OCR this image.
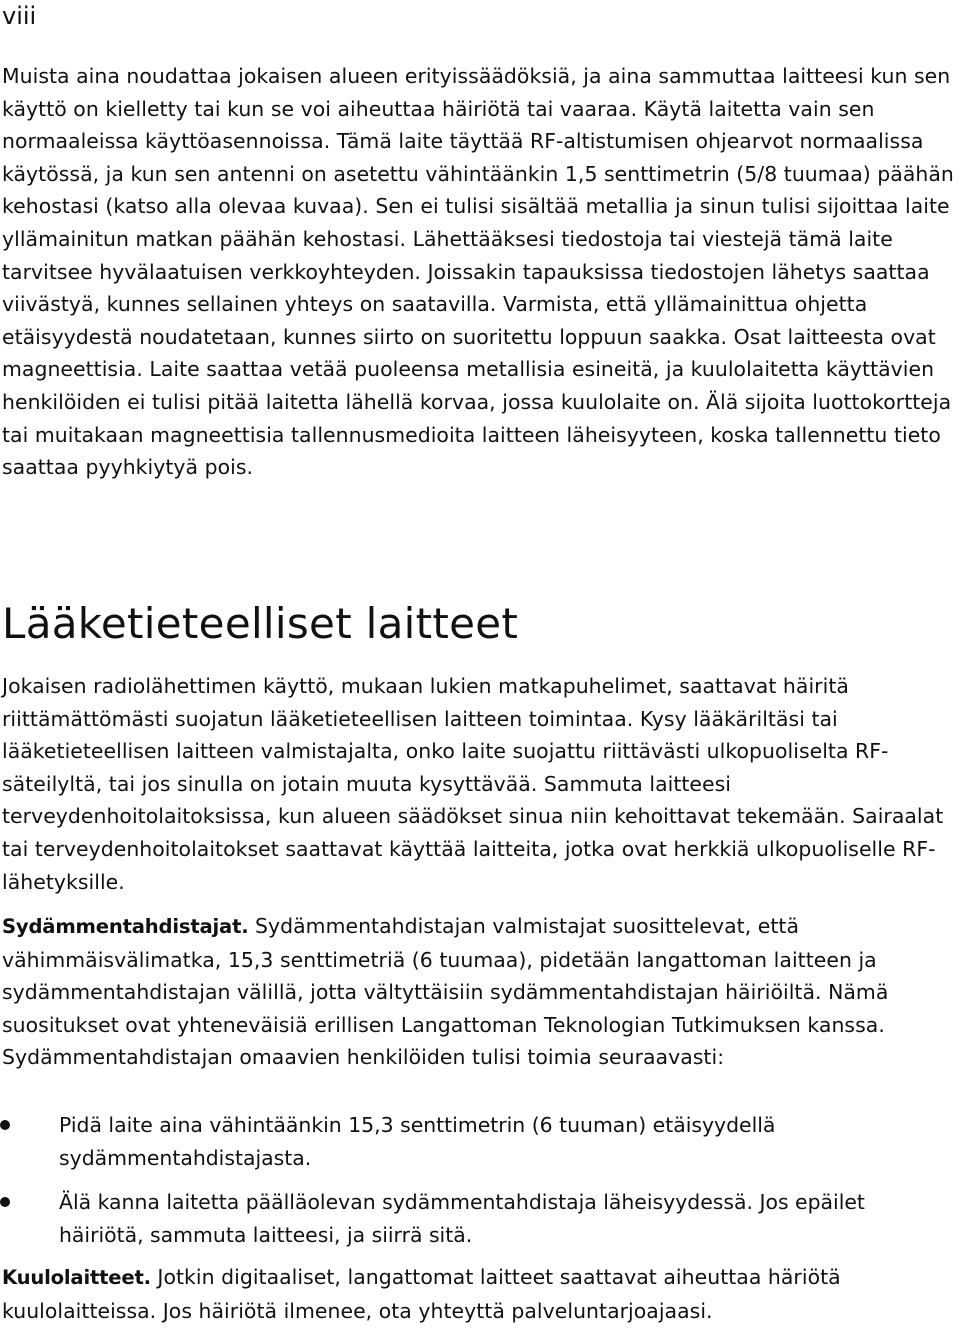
viii

Muista aina noudattaa jokaisen alueen erityissäädöksiä, ja aina sammuttaa laitteesi kun sen käyttö on kielletty tai kun se voi aiheuttaa häiriötä tai vaaraa. Käytä laitetta vain sen normaaleissa käyttöasennoissa. Tämä laite täyttää RF-altistumisen ohjearvot normaalissa käytössä, ja kun sen antenni on asetettu vähintäänkin 1,5 senttimetrin (5/8 tuumaa) päähän kehostasi (katso alla olevaa kuvaa). Sen ei tulisi sisältää metallia ja sinun tulisi sijoittaa laite yllämainitun matkan päähän kehostasi. Lähettääksesi tiedostoja tai viestejä tämä laite tarvitsee hyvälaatuisen verkkoyhteyden. Joissakin tapauksissa tiedostojen lähetys saattaa viivästyä, kunnes sellainen yhteys on saatavilla. Varmista, että yllämainittua ohjetta etäisyydestä noudatetaan, kunnes siirto on suoritettu loppuun saakka. Osat laitteesta ovat magneettisia. Laite saattaa vetää puoleensa metallisia esineitä, ja kuulolaitetta käyttävien henkilöiden ei tulisi pitää laitetta lähellä korvaa, jossa kuulolaite on. Älä sijoita luottokortteja tai muitakaan magneettisia tallennusmedioita laitteen läheisyyteen, koska tallennettu tieto saattaa pyyhkiytyä pois.

Lääketieteelliset laitteet

Jokaisen radiolähettimen käyttö, mukaan lukien matkapuhelimet, saattavat häiritä riittämättömästi suojatun lääketieteellisen laitteen toimintaa. Kysy lääkäriltäsi tai lääketieteellisen laitteen valmistajalta, onko laite suojattu riittävästi ulkopuoliselta RF-säteilyltä, tai jos sinulla on jotain muuta kysyttävää. Sammuta laitteesi terveydenhoitolaitoksissa, kun alueen säädökset sinua niin kehoittavat tekemään. Sairaalat tai terveydenhoitolaitokset saattavat käyttää laitteita, jotka ovat herkkiä ulkopuoliselle RF-lähetyksille.

Sydämmentahdistajat. Sydämmentahdistajan valmistajat suosittelevat, että vähimmäisvälimatka, 15,3 senttimetriä (6 tuumaa), pidetään langattoman laitteen ja sydämmentahdistajan välillä, jotta vältyttäisiin sydämmentahdistajan häiriöiltä. Nämä suositukset ovat yhteneväisiä erillisen Langattoman Teknologian Tutkimuksen kanssa. Sydämmentahdistajan omaavien henkilöiden tulisi toimia seuraavasti:

Pidä laite aina vähintäänkin 15,3 senttimetrin (6 tuuman) etäisyydellä sydämmentahdistajasta.
Älä kanna laitetta päälläolevan sydämmentahdistaja läheisyydessä. Jos epäilet häiriötä, sammuta laitteesi, ja siirrä sitä.

Kuulolaitteet. Jotkin digitaaliset, langattomat laitteet saattavat aiheuttaa häriötä kuulolaitteissa. Jos häiriötä ilmenee, ota yhteyttä palveluntarjoajaasi.
